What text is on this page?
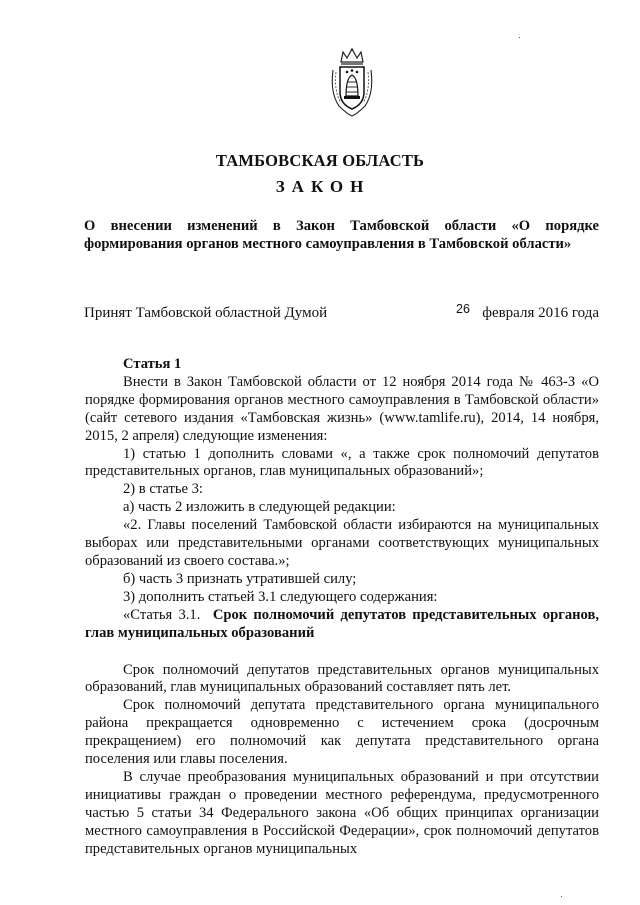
ТАМБОВСКАЯ ОБЛАСТЬ
ЗАКОН
О внесении изменений в Закон Тамбовской области «О порядке формирования органов местного самоуправления в Тамбовской области»
Принят Тамбовской областной Думой	26 февраля 2016 года

Статья 1

Внести в Закон Тамбовской области от 12 ноября 2014 года № 463-З «О порядке формирования органов местного самоуправления в Тамбовской области» (сайт сетевого издания «Тамбовская жизнь» (www.tamlife.ru), 2014, 14 ноября, 2015, 2 апреля) следующие изменения:

1) статью 1 дополнить словами «, а также срок полномочий депутатов представительных органов, глав муниципальных образований»;

2) в статье 3:

а) часть 2 изложить в следующей редакции:

«2. Главы поселений Тамбовской области избираются на муниципальных выборах или представительными органами соответствующих муниципальных образований из своего состава.»;

б) часть 3 признать утратившей силу;

3) дополнить статьей 3.1 следующего содержания:

«Статья 3.1. Срок полномочий депутатов представительных органов, глав муниципальных образований

Срок полномочий депутатов представительных органов муниципальных образований, глав муниципальных образований составляет пять лет.

Срок полномочий депутата представительного органа муниципального района прекращается одновременно с истечением срока (досрочным прекращением) его полномочий как депутата представительного органа поселения или главы поселения.

В случае преобразования муниципальных образований и при отсутствии инициативы граждан о проведении местного референдума, предусмотренного частью 5 статьи 34 Федерального закона «Об общих принципах организации местного самоуправления в Российской Федерации», срок полномочий депутатов представительных органов муниципальных
